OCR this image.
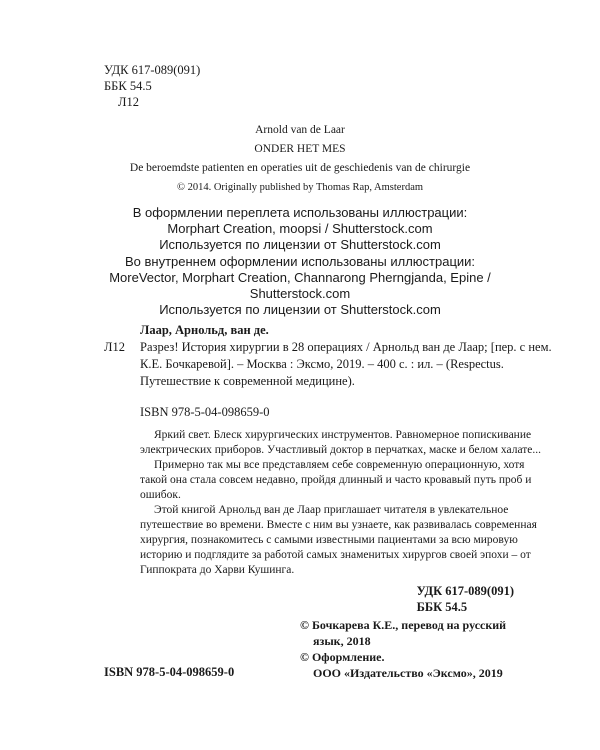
УДК 617-089(091)
ББК 54.5
Л12
Arnold van de Laar
ONDER HET MES
De beroemdste patienten en operaties uit de geschiedenis van de chirurgie
© 2014. Originally published by Thomas Rap, Amsterdam
В оформлении переплета использованы иллюстрации:
Morphart Creation, moopsi / Shutterstock.com
Используется по лицензии от Shutterstock.com
Во внутреннем оформлении использованы иллюстрации:
MoreVector, Morphart Creation, Channarong Pherngjanda, Epine /
Shutterstock.com
Используется по лицензии от Shutterstock.com
Лаар, Арнольд, ван де.
Л12 Разрез! История хирургии в 28 операциях / Арнольд ван де Лаар; [пер. с нем. К.Е. Бочкаревой]. – Москва : Эксмо, 2019. – 400 с. : ил. – (Respectus. Путешествие к современной медицине).
ISBN 978-5-04-098659-0

Яркий свет. Блеск хирургических инструментов. Равномерное попискивание электрических приборов. Участливый доктор в перчатках, маске и белом халате...

Примерно так мы все представляем себе современную операционную, хотя такой она стала совсем недавно, пройдя длинный и часто кровавый путь проб и ошибок.

Этой книгой Арнольд ван де Лаар приглашает читателя в увлекательное путешествие во времени. Вместе с ним вы узнаете, как развивалась современная хирургия, познакомитесь с самыми известными пациентами за всю мировую историю и подглядите за работой самых знаменитых хирургов своей эпохи – от Гиппократа до Харви Кушинга.

УДК 617-089(091)
ББК 54.5
© Бочкарева К.Е., перевод на русский
язык, 2018
© Оформление.
ООО «Издательство «Эксмо», 2019
ISBN 978-5-04-098659-0
